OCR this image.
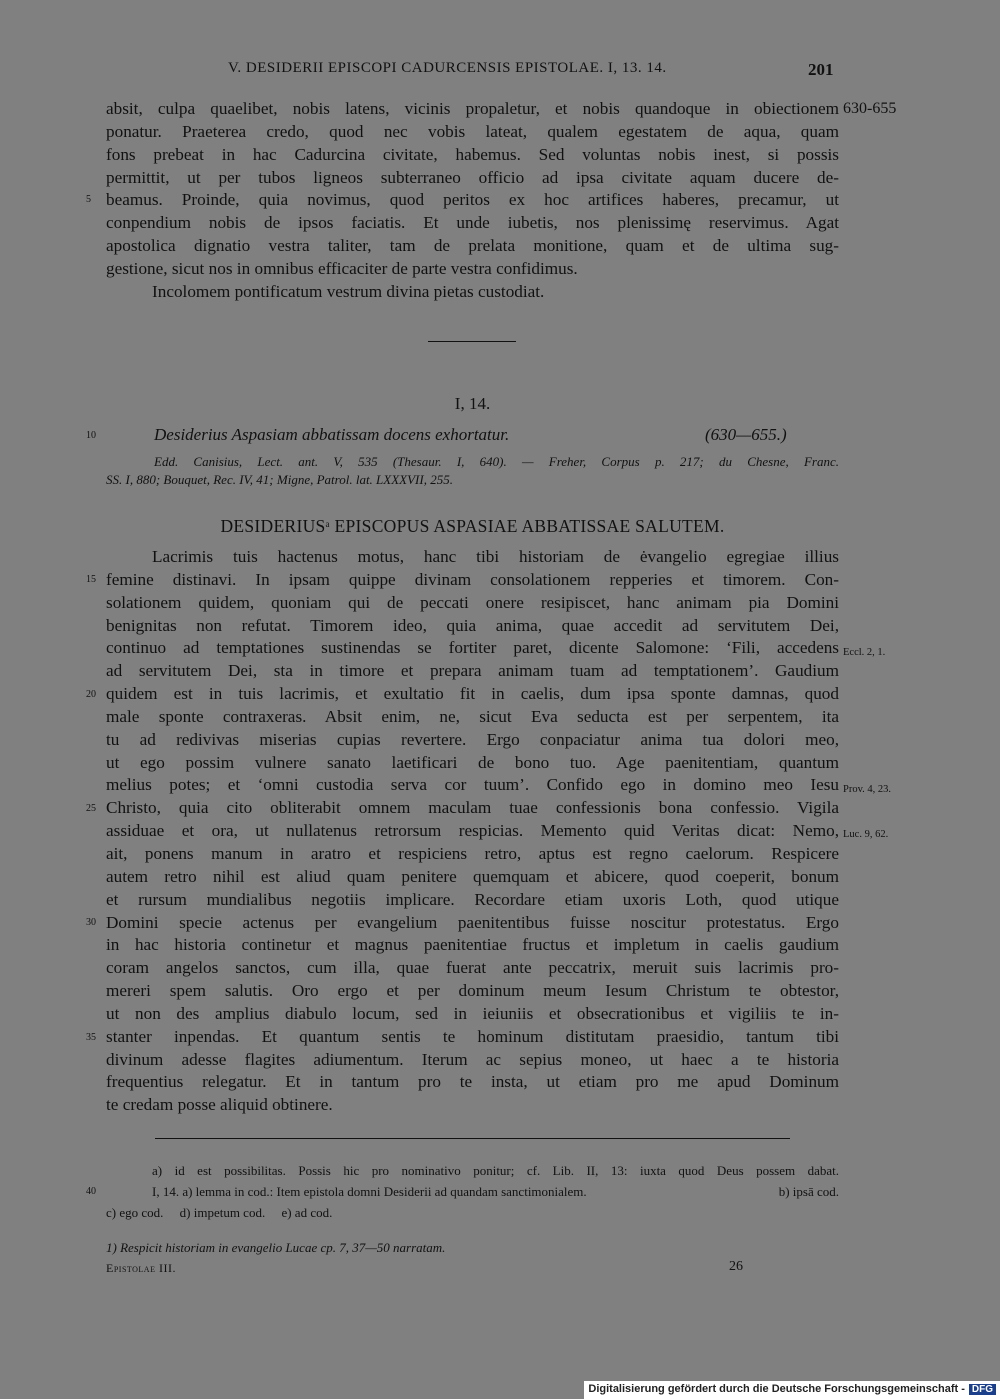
V. DESIDERII EPISCOPI CADURCENSIS EPISTOLAE. I, 13. 14.	201
630-655
absit, culpa quaelibet, nobis latens, vicinis propaletur, et nobis quandoque in obiectionem
ponatur. Praeterea credo, quod nec vobis lateat, qualem egestatem de aqua, quam
fons prebeat in hac Cadurcina civitate, habemus. Sed voluntas nobis inest, si possis
permittit, ut per tubos ligneos subterraneo officio ad ipsa civitate aquam ducere de-
beamus. Proinde, quia novimus, quod peritos ex hoc artifices haberes, precamur, ut
conpendium nobis de ipsos faciatis. Et unde iubetis, nos plenissimę reservimus. Agat
apostolica dignatio vestra taliter, tam de prelata monitione, quam et de ultima sug-
gestione, sicut nos in omnibus efficaciter de parte vestra confidimus.
Incolomem pontificatum vestrum divina pietas custodiat.
5
I, 14.
10	Desiderius Aspasiam abbatissam docens exhortatur.	(630—655.)
Edd. Canisius, Lect. ant. V, 535 (Thesaur. I, 640). — Freher, Corpus p. 217; du Chesne, Franc.
SS. I, 880; Bouquet, Rec. IV, 41; Migne, Patrol. lat. LXXXVII, 255.
DESIDERIUS$^a$ EPISCOPUS ASPASIAE ABBATISSAE SALUTEM.
Lacrimis tuis hactenus motus, hanc tibi historiam de ėvangelio egregiae illius
femine distinavi. In ipsam quippe divinam consolationem repperies et timorem. Con-
solationem quidem, quoniam qui de peccati onere resipiscet, hanc animam pia Domini
benignitas non refutat. Timorem ideo, quia anima, quae accedit ad servitutem Dei,
continuo ad temptationes sustinendas se fortiter paret, dicente Salomone: ‘Fili, accedens
ad servitutem Dei, sta in timore et prepara animam tuam ad temptationem’. Gaudium
quidem est in tuis lacrimis, et exultatio fit in caelis, dum ipsa sponte damnas, quod
male sponte contraxeras. Absit enim, ne, sicut Eva seducta est per serpentem, ita
tu ad redivivas miserias cupias revertere. Ergo conpaciatur anima tua dolori meo,
ut ego possim vulnere sanato laetificari de bono tuo. Age paenitentiam, quantum
melius potes; et ‘omni custodia serva cor tuum’. Confido ego in domino meo Iesu
Christo, quia cito obliterabit omnem maculam tuae confessionis bona confessio. Vigila
assiduae et ora, ut nullatenus retrorsum respicias. Memento quid Veritas dicat: Nemo,
ait, ponens manum in aratro et respiciens retro, aptus est regno caelorum. Respicere
autem retro nihil est aliud quam penitere quemquam et abicere, quod coeperit, bonum
et rursum mundialibus negotiis implicare. Recordare etiam uxoris Loth, quod utique
Domini specie actenus per evangelium paenitentibus fuisse noscitur protestatus. Ergo
in hac historia continetur et magnus paenitentiae fructus et impletum in caelis gaudium
coram angelos sanctos, cum illa, quae fuerat ante peccatrix, meruit suis lacrimis pro-
mereri spem salutis. Oro ergo et per dominum meum Iesum Christum te obtestor,
ut non des amplius diabulo locum, sed in ieiuniis et obsecrationibus et vigiliis te in-
stanter inpendas. Et quantum sentis te hominum distitutam praesidio, tantum tibi
divinum adesse flagites adiumentum. Iterum ac sepius moneo, ut haec a te historia
frequentius relegatur. Et in tantum pro te insta, ut etiam pro me apud Dominum
te credam posse aliquid obtinere.
15
20
25
30
35
Eccl. 2, 1.
Prov. 4, 23.
Luc. 9, 62.
a) id est possibilitas. Possis hic pro nominativo ponitur; cf. Lib. II, 13: iuxta quod Deus possem dabat.
I, 14. a) lemma in cod.: Item epistola domni Desiderii ad quandam sanctimonialem.	b) ipsā cod.
c) ego cod.     d) impetum cod.     e) ad cod.
40
1) Respicit historiam in evangelio Lucae cp. 7, 37—50 narratam.
Epistolae III.	26
Digitalisierung gefördert durch die Deutsche Forschungsgemeinschaft - DFG
